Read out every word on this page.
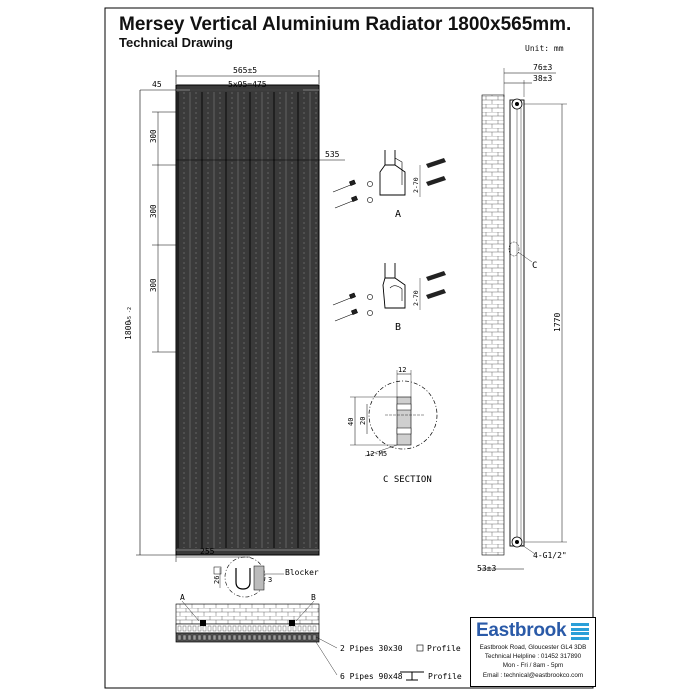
565±5
5x95=475
45
1800
+5 -2
300
300
300
535
255
2-70
A
2-70
B
12
40 20
12-M5
C SECTION
C
76±3
38±3
1770
4-G1/2"
53±3
26	3
Blocker
A	B
2 Pipes 30x30	Profile
6 Pipes 90x48	Profile
Mersey Vertical Aluminium Radiator 1800x565mm.
Technical Drawing	Unit: mm
Eastbrook
Eastbrook Road, Gloucester GL4 3DB
Technical Helpline : 01452 317890
Mon - Fri / 8am - 5pm
Email : technical@eastbrookco.com
